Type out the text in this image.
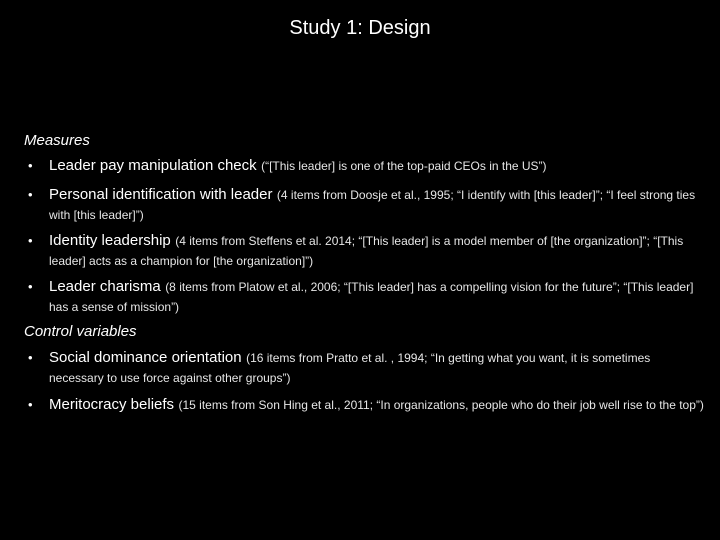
Study 1: Design
Measures
• Leader pay manipulation check (“[This leader] is one of the top-paid CEOs in the US”)
• Personal identification with leader (4 items from Doosje et al., 1995; “I identify with [this leader]”; “I feel strong ties with [this leader]”)
• Identity leadership (4 items from Steffens et al. 2014; “[This leader] is a model member of [the organization]”; “[This leader] acts as a champion for [the organization]”)
• Leader charisma (8 items from Platow et al., 2006; “[This leader] has a compelling vision for the future”; “[This leader] has a sense of mission”)
Control variables
• Social dominance orientation (16 items from Pratto et al. , 1994; “In getting what you want, it is sometimes necessary to use force against other groups”)
• Meritocracy beliefs (15 items from Son Hing et al., 2011; “In organizations, people who do their job well rise to the top”)
